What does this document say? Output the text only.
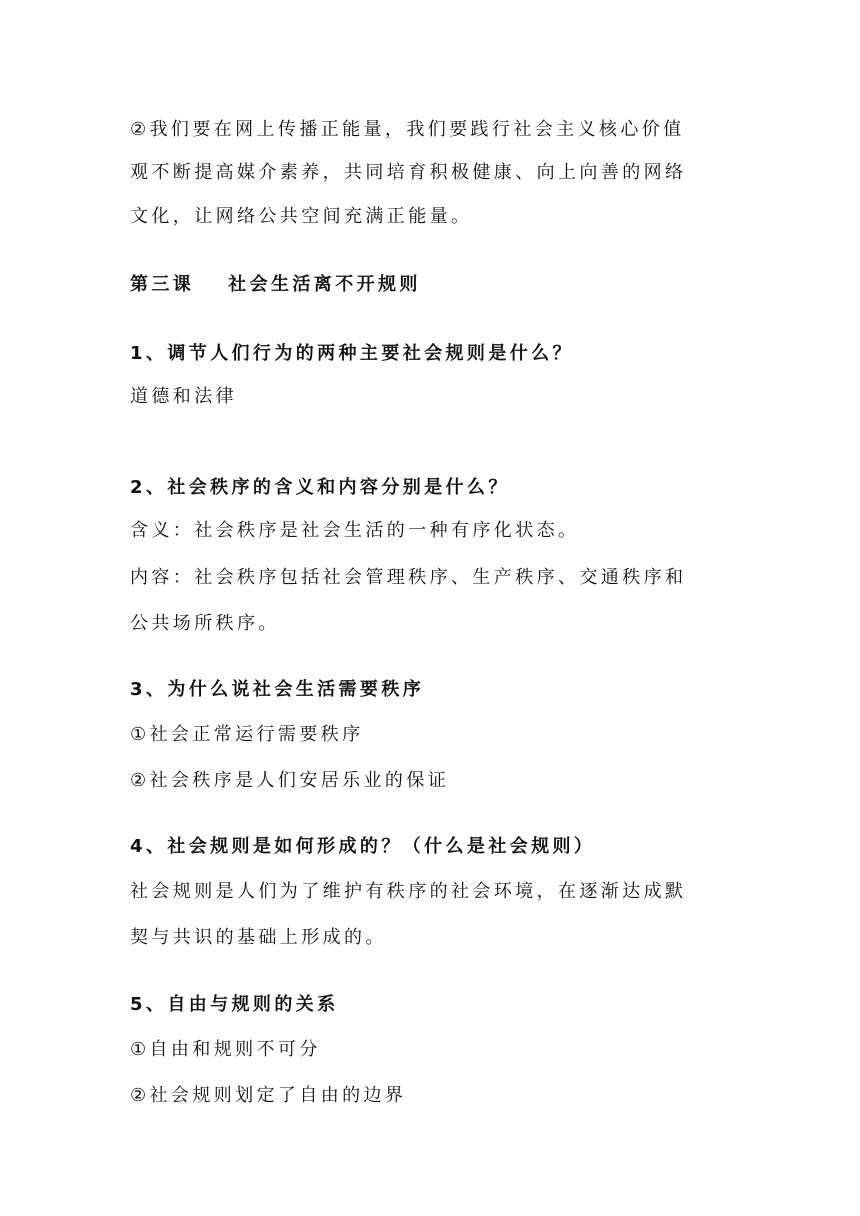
②我们要在网上传播正能量，我们要践行社会主义核心价值
观不断提高媒介素养，共同培育积极健康、向上向善的网络
文化，让网络公共空间充满正能量。
第三课 社会生活离不开规则
1、调节人们行为的两种主要社会规则是什么？
道德和法律
2、社会秩序的含义和内容分别是什么？
含义：社会秩序是社会生活的一种有序化状态。
内容：社会秩序包括社会管理秩序、生产秩序、交通秩序和
公共场所秩序。
3、为什么说社会生活需要秩序
①社会正常运行需要秩序
②社会秩序是人们安居乐业的保证
4、社会规则是如何形成的？（什么是社会规则）
社会规则是人们为了维护有秩序的社会环境，在逐渐达成默
契与共识的基础上形成的。
5、自由与规则的关系
①自由和规则不可分
②社会规则划定了自由的边界
